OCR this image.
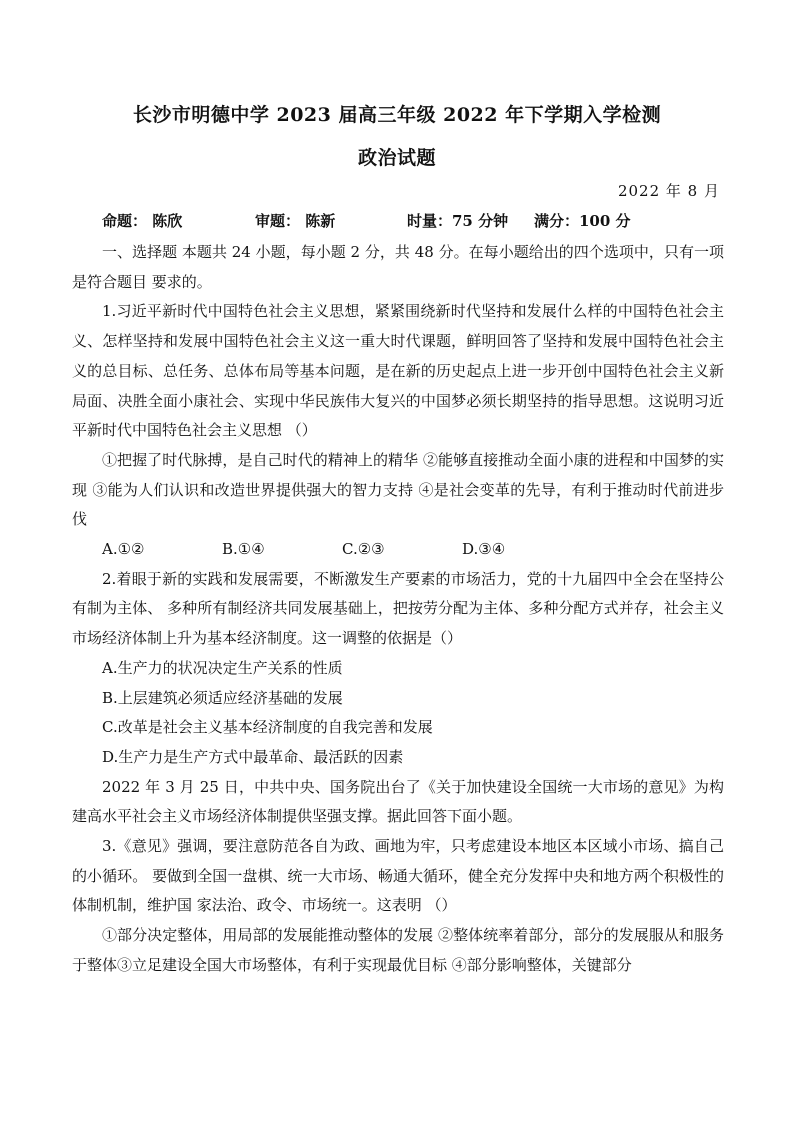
长沙市明德中学 2023 届高三年级 2022 年下学期入学检测
政治试题
2022 年 8 月
命题： 陈欣	审题： 陈新	时量：75 分钟 满分：100 分

一、选择题 本题共 24 小题，每小题 2 分，共 48 分。在每小题给出的四个选项中，只有一项是符合题目 要求的。

1.习近平新时代中国特色社会主义思想，紧紧围绕新时代坚持和发展什么样的中国特色社会主义、怎样坚持和发展中国特色社会主义这一重大时代课题，鲜明回答了坚持和发展中国特色社会主义的总目标、总任务、总体布局等基本问题，是在新的历史起点上进一步开创中国特色社会主义新局面、决胜全面小康社会、实现中华民族伟大复兴的中国梦必须长期坚持的指导思想。这说明习近平新时代中国特色社会主义思想 （）

①把握了时代脉搏，是自己时代的精神上的精华 ②能够直接推动全面小康的进程和中国梦的实现 ③能为人们认识和改造世界提供强大的智力支持 ④是社会变革的先导，有利于推动时代前进步伐

A.①②	B.①④	C.②③	D.③④

2.着眼于新的实践和发展需要，不断激发生产要素的市场活力，党的十九届四中全会在坚持公有制为主体、 多种所有制经济共同发展基础上，把按劳分配为主体、多种分配方式并存，社会主义市场经济体制上升为基本经济制度。这一调整的依据是（）

A.生产力的状况决定生产关系的性质
B.上层建筑必须适应经济基础的发展
C.改革是社会主义基本经济制度的自我完善和发展
D.生产力是生产方式中最革命、最活跃的因素

2022 年 3 月 25 日，中共中央、国务院出台了《关于加快建设全国统一大市场的意见》为构建高水平社会主义市场经济体制提供坚强支撑。据此回答下面小题。

3.《意见》强调，要注意防范各自为政、画地为牢，只考虑建设本地区本区域小市场、搞自己的小循环。 要做到全国一盘棋、统一大市场、畅通大循环，健全充分发挥中央和地方两个积极性的体制机制，维护国 家法治、政令、市场统一。这表明 （）

①部分决定整体，用局部的发展能推动整体的发展 ②整体统率着部分，部分的发展服从和服务于整体③立足建设全国大市场整体，有利于实现最优目标 ④部分影响整体，关键部分
